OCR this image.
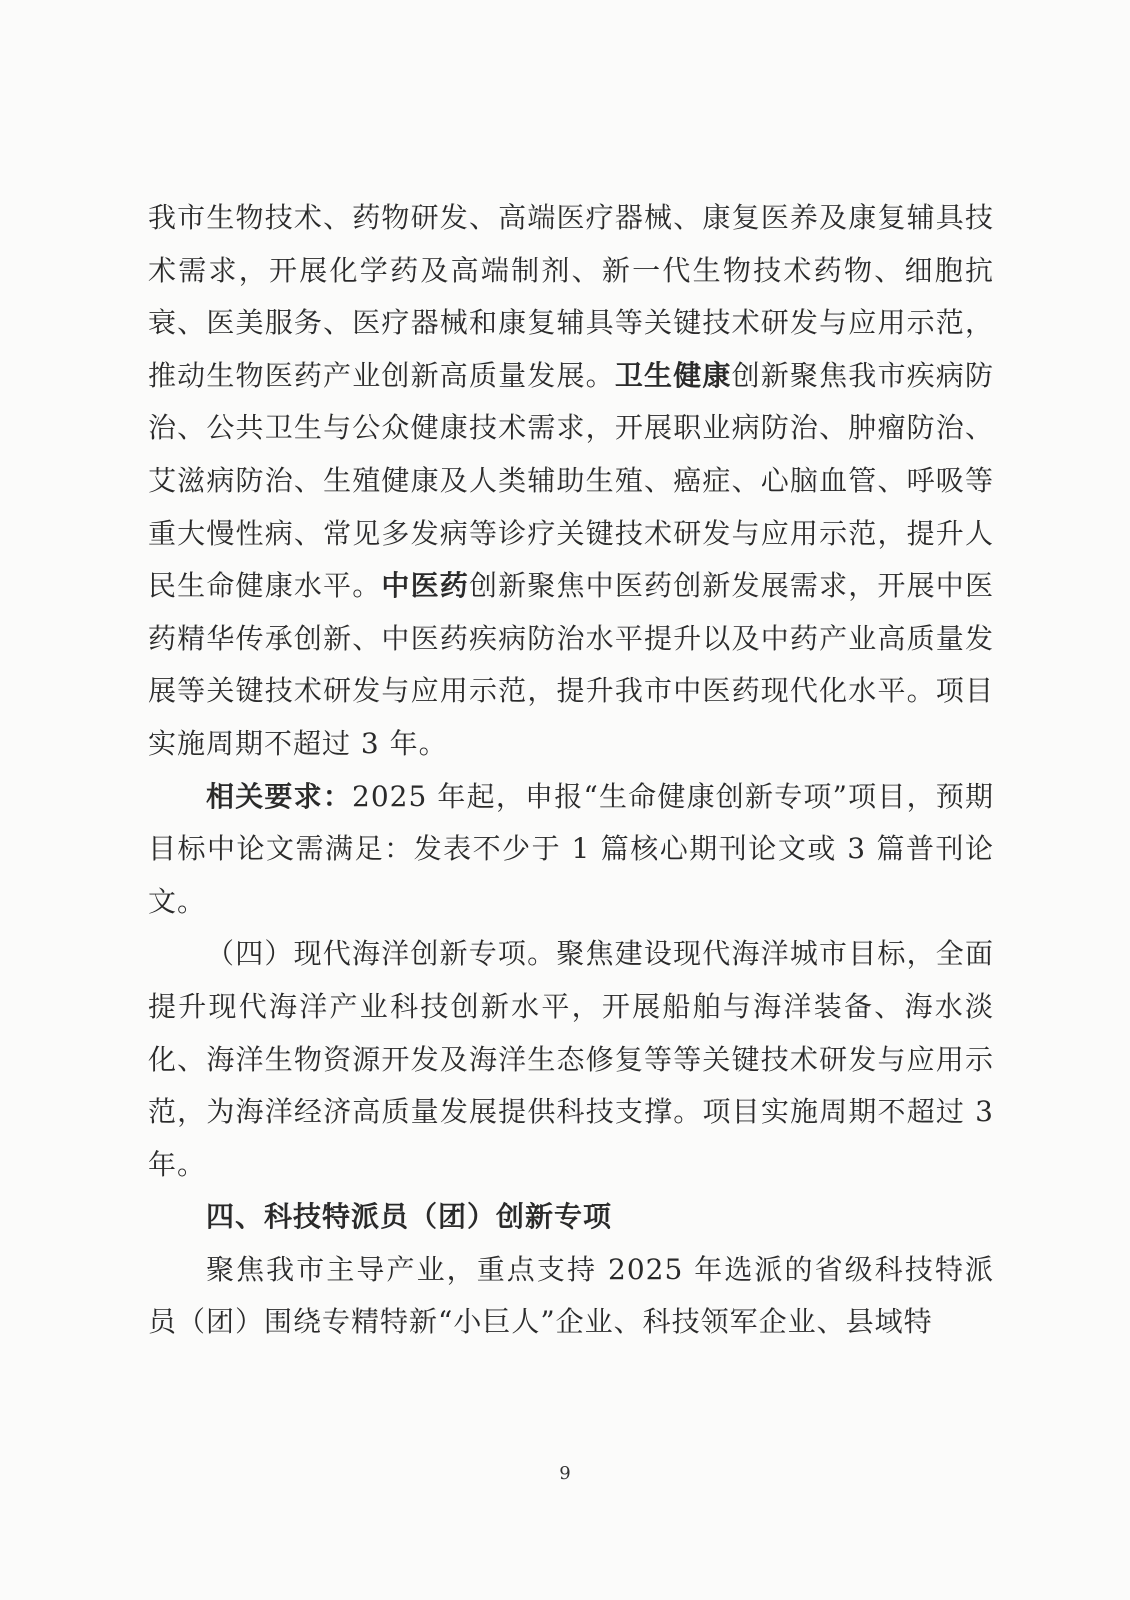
我市生物技术、药物研发、高端医疗器械、康复医养及康复辅具技术需求，开展化学药及高端制剂、新一代生物技术药物、细胞抗衰、医美服务、医疗器械和康复辅具等关键技术研发与应用示范，推动生物医药产业创新高质量发展。卫生健康创新聚焦我市疾病防治、公共卫生与公众健康技术需求，开展职业病防治、肿瘤防治、艾滋病防治、生殖健康及人类辅助生殖、癌症、心脑血管、呼吸等重大慢性病、常见多发病等诊疗关键技术研发与应用示范，提升人民生命健康水平。中医药创新聚焦中医药创新发展需求，开展中医药精华传承创新、中医药疾病防治水平提升以及中药产业高质量发展等关键技术研发与应用示范，提升我市中医药现代化水平。项目实施周期不超过 3 年。

相关要求：2025 年起，申报“生命健康创新专项”项目，预期目标中论文需满足：发表不少于 1 篇核心期刊论文或 3 篇普刊论文。

（四）现代海洋创新专项。聚焦建设现代海洋城市目标，全面提升现代海洋产业科技创新水平，开展船舶与海洋装备、海水淡化、海洋生物资源开发及海洋生态修复等等关键技术研发与应用示范，为海洋经济高质量发展提供科技支撑。项目实施周期不超过 3 年。

四、科技特派员（团）创新专项

聚焦我市主导产业，重点支持 2025 年选派的省级科技特派员（团）围绕专精特新“小巨人”企业、科技领军企业、县域特

9
